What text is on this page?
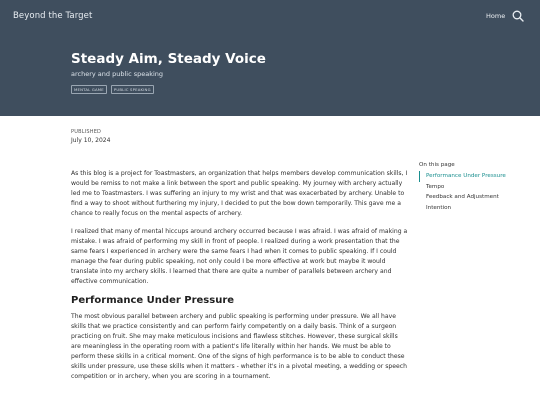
Beyond the Target	Home
Steady Aim, Steady Voice
archery and public speaking
MENTAL GAME	PUBLIC SPEAKING
PUBLISHED
July 10, 2024

As this blog is a project for Toastmasters, an organization that helps members develop communication skills, I would be remiss to not make a link between the sport and public speaking. My journey with archery actually led me to Toastmasters. I was suffering an injury to my wrist and that was exacerbated by archery. Unable to find a way to shoot without furthering my injury, I decided to put the bow down temporarily. This gave me a chance to really focus on the mental aspects of archery.

I realized that many of mental hiccups around archery occurred because I was afraid. I was afraid of making a mistake. I was afraid of performing my skill in front of people. I realized during a work presentation that the same fears I experienced in archery were the same fears I had when it comes to public speaking. If I could manage the fear during public speaking, not only could I be more effective at work but maybe it would translate into my archery skills. I learned that there are quite a number of parallels between archery and effective communication.

Performance Under Pressure

The most obvious parallel between archery and public speaking is performing under pressure. We all have skills that we practice consistently and can perform fairly competently on a daily basis. Think of a surgeon practicing on fruit. She may make meticulous incisions and flawless stitches. However, these surgical skills are meaningless in the operating room with a patient's life literally within her hands. We must be able to perform these skills in a critical moment. One of the signs of high performance is to be able to conduct these skills under pressure, use these skills when it matters - whether it's in a pivotal meeting, a wedding or speech competition or in archery, when you are scoring in a tournament.

On this page
Performance Under Pressure
Tempo
Feedback and Adjustment
Intention
